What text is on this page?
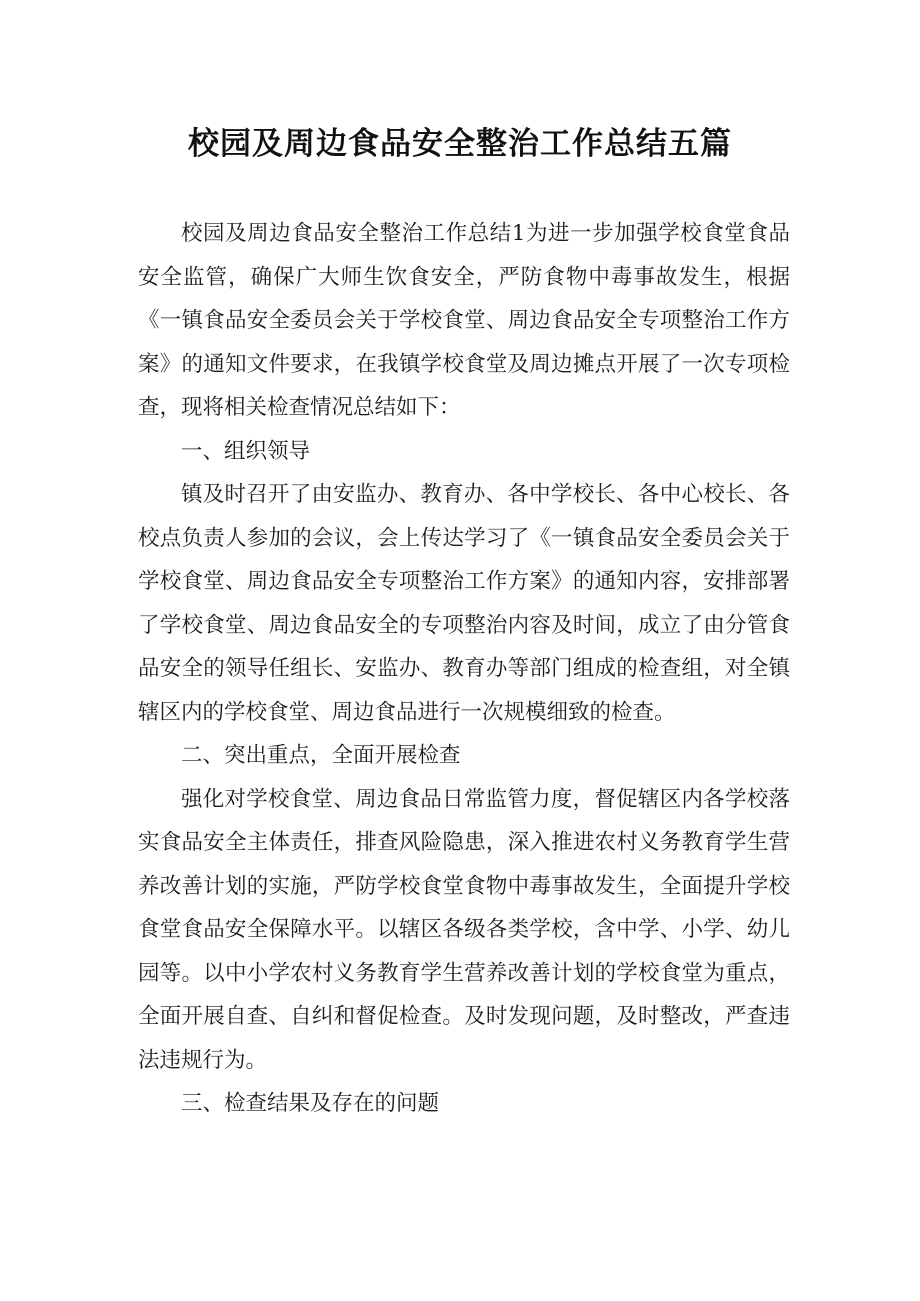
校园及周边食品安全整治工作总结五篇

校园及周边食品安全整治工作总结1为进一步加强学校食堂食品安全监管，确保广大师生饮食安全，严防食物中毒事故发生，根据《一镇食品安全委员会关于学校食堂、周边食品安全专项整治工作方案》的通知文件要求，在我镇学校食堂及周边摊点开展了一次专项检查，现将相关检查情况总结如下：

一、组织领导

镇及时召开了由安监办、教育办、各中学校长、各中心校长、各校点负责人参加的会议，会上传达学习了《一镇食品安全委员会关于学校食堂、周边食品安全专项整治工作方案》的通知内容，安排部署了学校食堂、周边食品安全的专项整治内容及时间，成立了由分管食品安全的领导任组长、安监办、教育办等部门组成的检查组，对全镇辖区内的学校食堂、周边食品进行一次规模细致的检查。

二、突出重点，全面开展检查

强化对学校食堂、周边食品日常监管力度，督促辖区内各学校落实食品安全主体责任，排查风险隐患，深入推进农村义务教育学生营养改善计划的实施，严防学校食堂食物中毒事故发生，全面提升学校食堂食品安全保障水平。以辖区各级各类学校，含中学、小学、幼儿园等。以中小学农村义务教育学生营养改善计划的学校食堂为重点，全面开展自查、自纠和督促检查。及时发现问题，及时整改，严查违法违规行为。

三、检查结果及存在的问题
